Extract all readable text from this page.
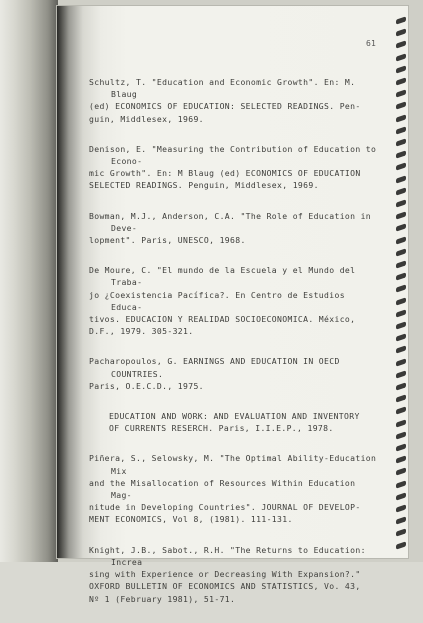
61
Schultz, T. "Education and Economic Growth". En: M. Blaug
(ed) ECONOMICS OF EDUCATION: SELECTED READINGS. Pen-
guin, Middlesex, 1969.
Denison, E. "Measuring the Contribution of Education to Econo-
mic Growth". En: M Blaug (ed) ECONOMICS OF EDUCATION
SELECTED READINGS. Penguin, Middlesex, 1969.
Bowman, M.J., Anderson, C.A. "The Role of Education in Deve-
lopment". Paris, UNESCO, 1968.
De Moure, C. "El mundo de la Escuela y el Mundo del Traba-
jo ¿Coexistencia Pacífica?. En Centro de Estudios Educa-
tivos. EDUCACION Y REALIDAD SOCIOECONOMICA. México,
D.F., 1979. 305-321.
Pacharopoulos, G. EARNINGS AND EDUCATION IN OECD COUNTRIES.
Paris, O.E.C.D., 1975.
EDUCATION AND WORK: AND EVALUATION AND INVENTORY
OF CURRENTS RESERCH. Paris, I.I.E.P., 1978.
Piñera, S., Selowsky, M. "The Optimal Ability-Education Mix
and the Misallocation of Resources Within Education Mag-
nitude in Developing Countries". JOURNAL OF DEVELOP-
MENT ECONOMICS, Vol 8, (1981). 111-131.
Knight, J.B., Sabot., R.H. "The Returns to Education: Increa
sing with Experience or Decreasing With Expansion?."
OXFORD BULLETIN OF ECONOMICS AND STATISTICS, Vo. 43,
Nº 1 (February 1981), 51-71.
